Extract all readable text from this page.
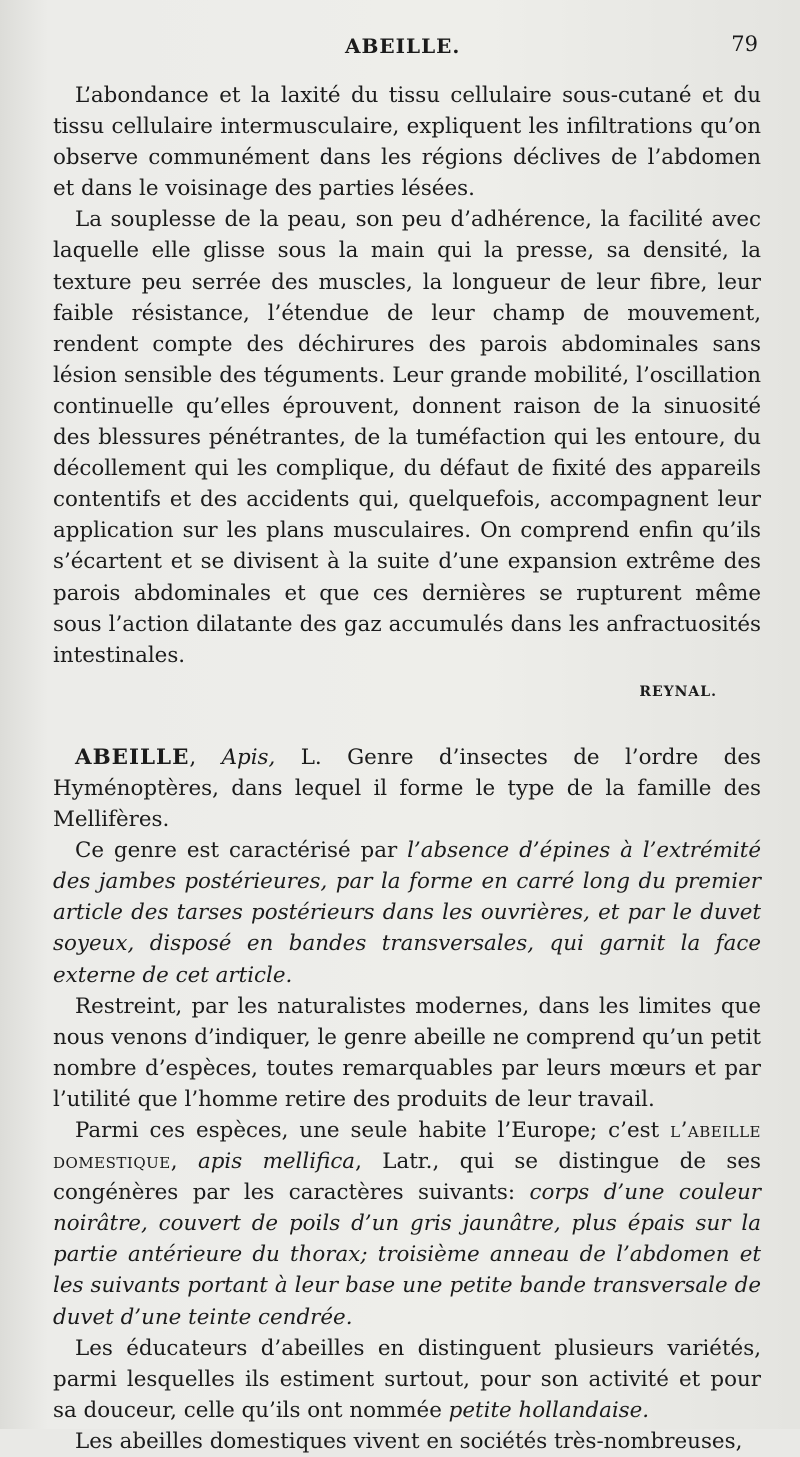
ABEILLE.	79

L’abondance et la laxité du tissu cellulaire sous-cutané et du tissu cellulaire intermusculaire, expliquent les infiltrations qu’on observe communément dans les régions déclives de l’abdomen et dans le voisinage des parties lésées.

La souplesse de la peau, son peu d’adhérence, la facilité avec laquelle elle glisse sous la main qui la presse, sa densité, la texture peu serrée des muscles, la longueur de leur fibre, leur faible résistance, l’étendue de leur champ de mouvement, rendent compte des déchirures des parois abdominales sans lésion sensible des téguments. Leur grande mobilité, l’oscillation continuelle qu’elles éprouvent, donnent raison de la sinuosité des blessures pénétrantes, de la tuméfaction qui les entoure, du décollement qui les complique, du défaut de fixité des appareils contentifs et des accidents qui, quelquefois, accompagnent leur application sur les plans musculaires. On comprend enfin qu’ils s’écartent et se divisent à la suite d’une expansion extrême des parois abdominales et que ces dernières se rupturent même sous l’action dilatante des gaz accumulés dans les anfractuosités intestinales.

REYNAL.

ABEILLE, Apis, L. Genre d’insectes de l’ordre des Hyménoptères, dans lequel il forme le type de la famille des Mellifères.

Ce genre est caractérisé par l’absence d’épines à l’extrémité des jambes postérieures, par la forme en carré long du premier article des tarses postérieurs dans les ouvrières, et par le duvet soyeux, disposé en bandes transversales, qui garnit la face externe de cet article.

Restreint, par les naturalistes modernes, dans les limites que nous venons d’indiquer, le genre abeille ne comprend qu’un petit nombre d’espèces, toutes remarquables par leurs mœurs et par l’utilité que l’homme retire des produits de leur travail.

Parmi ces espèces, une seule habite l’Europe; c’est l’abeille domestique, apis mellifica, Latr., qui se distingue de ses congénères par les caractères suivants: corps d’une couleur noirâtre, couvert de poils d’un gris jaunâtre, plus épais sur la partie antérieure du thorax; troisième anneau de l’abdomen et les suivants portant à leur base une petite bande transversale de duvet d’une teinte cendrée.

Les éducateurs d’abeilles en distinguent plusieurs variétés, parmi lesquelles ils estiment surtout, pour son activité et pour sa douceur, celle qu’ils ont nommée petite hollandaise.

Les abeilles domestiques vivent en sociétés très-nombreuses,
